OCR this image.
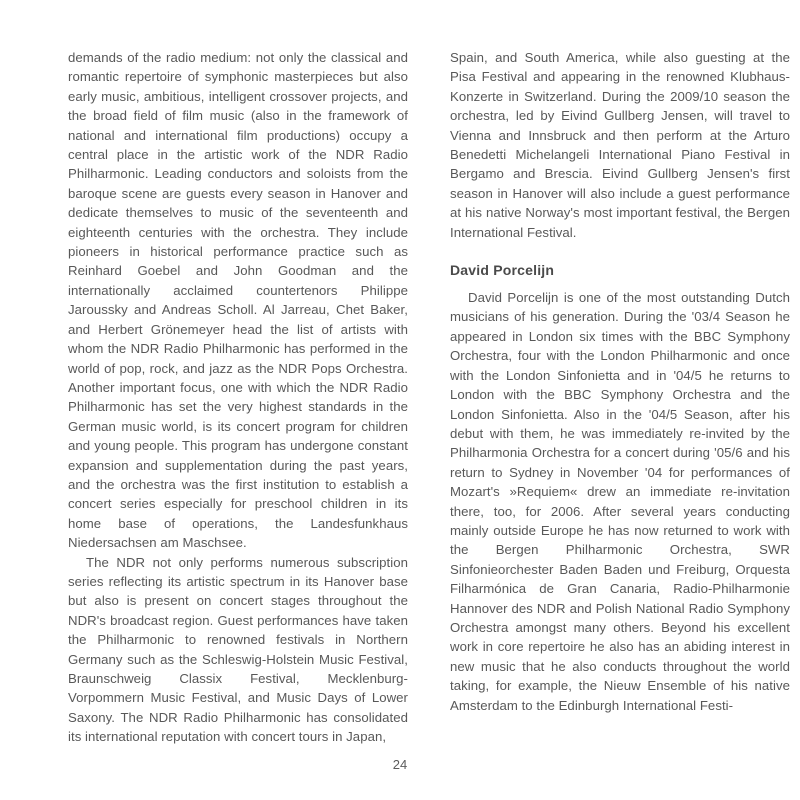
demands of the radio medium: not only the classical and romantic repertoire of symphonic masterpieces but also early music, ambitious, intelligent crossover projects, and the broad field of film music (also in the framework of national and international film productions) occupy a central place in the artistic work of the NDR Radio Philharmonic. Leading conductors and soloists from the baroque scene are guests every season in Hanover and dedicate themselves to music of the seventeenth and eighteenth centuries with the orchestra. They include pioneers in historical performance practice such as Reinhard Goebel and John Goodman and the internationally acclaimed countertenors Philippe Jaroussky and Andreas Scholl. Al Jarreau, Chet Baker, and Herbert Grönemeyer head the list of artists with whom the NDR Radio Philharmonic has performed in the world of pop, rock, and jazz as the NDR Pops Orchestra. Another important focus, one with which the NDR Radio Philharmonic has set the very highest standards in the German music world, is its concert program for children and young people. This program has undergone constant expansion and supplementation during the past years, and the orchestra was the first institution to establish a concert series especially for preschool children in its home base of operations, the Landesfunkhaus Niedersachsen am Maschsee.

The NDR not only performs numerous subscription series reflecting its artistic spectrum in its Hanover base but also is present on concert stages throughout the NDR's broadcast region. Guest performances have taken the Philharmonic to renowned festivals in Northern Germany such as the Schleswig-Holstein Music Festival, Braunschweig Classix Festival, Mecklenburg-Vorpommern Music Festival, and Music Days of Lower Saxony. The NDR Radio Philharmonic has consolidated its international reputation with concert tours in Japan,

Spain, and South America, while also guesting at the Pisa Festival and appearing in the renowned Klubhaus-Konzerte in Switzerland. During the 2009/10 season the orchestra, led by Eivind Gullberg Jensen, will travel to Vienna and Innsbruck and then perform at the Arturo Benedetti Michelangeli International Piano Festival in Bergamo and Brescia. Eivind Gullberg Jensen's first season in Hanover will also include a guest performance at his native Norway's most important festival, the Bergen International Festival.

David Porcelijn

David Porcelijn is one of the most outstanding Dutch musicians of his generation. During the '03/4 Season he appeared in London six times with the BBC Symphony Orchestra, four with the London Philharmonic and once with the London Sinfonietta and in '04/5 he returns to London with the BBC Symphony Orchestra and the London Sinfonietta. Also in the '04/5 Season, after his debut with them, he was immediately re-invited by the Philharmonia Orchestra for a concert during '05/6 and his return to Sydney in November '04 for performances of Mozart's »Requiem« drew an immediate re-invitation there, too, for 2006. After several years conducting mainly outside Europe he has now returned to work with the Bergen Philharmonic Orchestra, SWR Sinfonieorchester Baden Baden und Freiburg, Orquesta Filharmónica de Gran Canaria, Radio-Philharmonie Hannover des NDR and Polish National Radio Symphony Orchestra amongst many others. Beyond his excellent work in core repertoire he also has an abiding interest in new music that he also conducts throughout the world taking, for example, the Nieuw Ensemble of his native Amsterdam to the Edinburgh International Festi-

24
